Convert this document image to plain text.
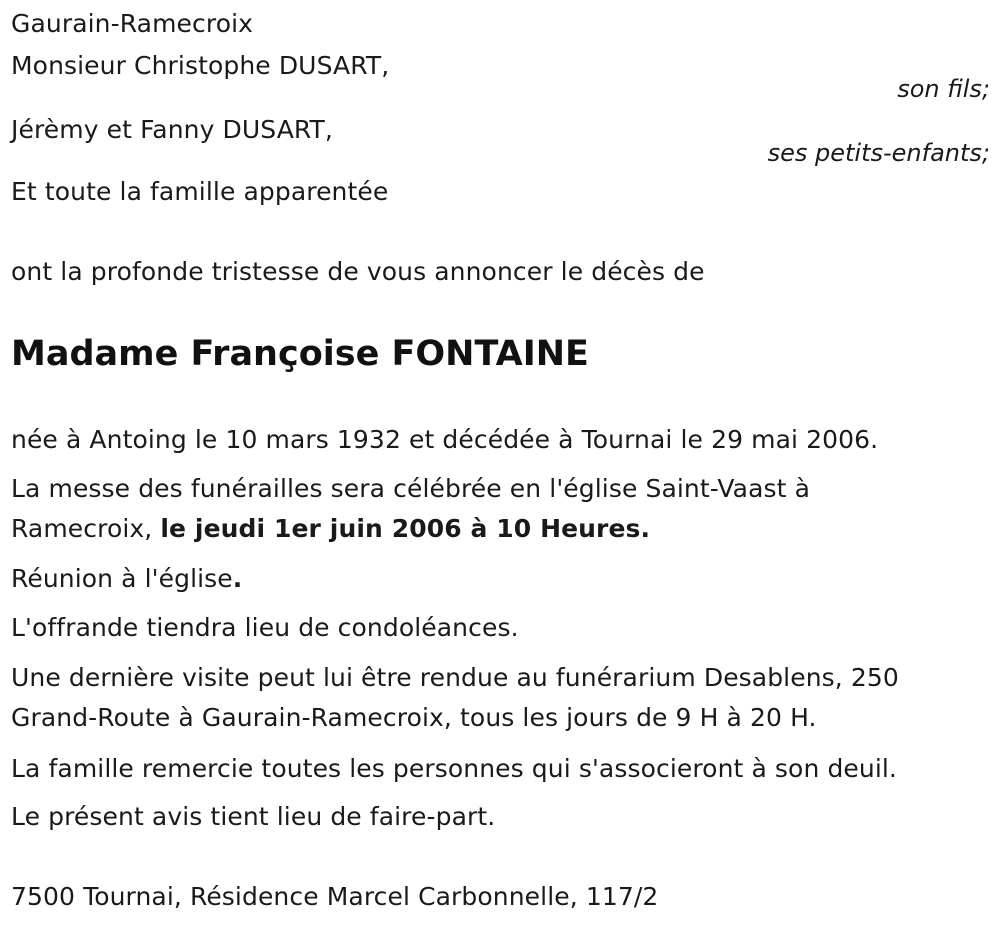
Gaurain-Ramecroix
Monsieur Christophe DUSART,
son fils;
Jérèmy et Fanny DUSART,
ses petits-enfants;
Et toute la famille apparentée
ont la profonde tristesse de vous annoncer le décès de
Madame Françoise FONTAINE
née à Antoing le 10 mars 1932 et décédée à Tournai le 29 mai 2006.
La messe des funérailles sera célébrée en l'église Saint-Vaast à
Ramecroix, le jeudi 1er juin 2006 à 10 Heures.
Réunion à l'église.
L'offrande tiendra lieu de condoléances.
Une dernière visite peut lui être rendue au funérarium Desablens, 250
Grand-Route à Gaurain-Ramecroix, tous les jours de 9 H à 20 H.
La famille remercie toutes les personnes qui s'associeront à son deuil.
Le présent avis tient lieu de faire-part.
7500 Tournai, Résidence Marcel Carbonnelle, 117/2
